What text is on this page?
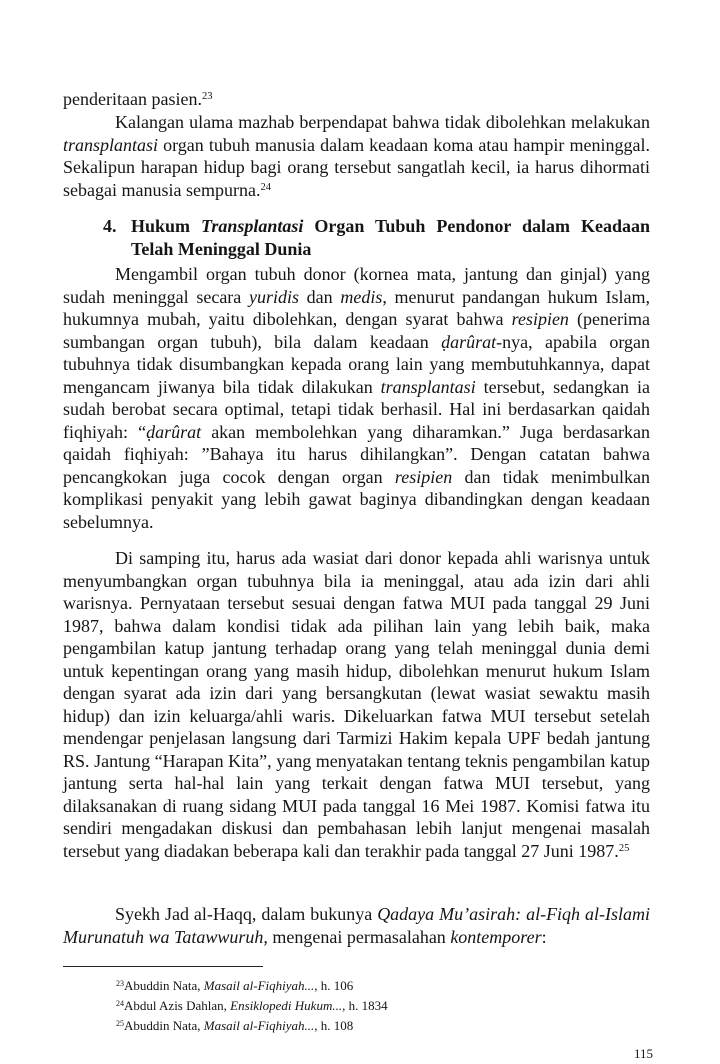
penderitaan pasien.$^{23}$

Kalangan ulama mazhab berpendapat bahwa tidak dibolehkan melakukan transplantasi organ tubuh manusia dalam keadaan koma atau hampir meninggal. Sekalipun harapan hidup bagi orang tersebut sangatlah kecil, ia harus dihormati sebagai manusia sempurna.$^{24}$

4. Hukum Transplantasi Organ Tubuh Pendonor dalam Keadaan Telah Meninggal Dunia

Mengambil organ tubuh donor (kornea mata, jantung dan ginjal) yang sudah meninggal secara yuridis dan medis, menurut pandangan hukum Islam, hukumnya mubah, yaitu dibolehkan, dengan syarat bahwa resipien (penerima sumbangan organ tubuh), bila dalam keadaan ḍarûrat-nya, apabila organ tubuhnya tidak disumbangkan kepada orang lain yang membutuhkannya, dapat mengancam jiwanya bila tidak dilakukan transplantasi tersebut, sedangkan ia sudah berobat secara optimal, tetapi tidak berhasil. Hal ini berdasarkan qaidah fiqhiyah: “ḍarûrat akan membolehkan yang diharamkan.” Juga berdasarkan qaidah fiqhiyah: ”Bahaya itu harus dihilangkan”. Dengan catatan bahwa pencangkokan juga cocok dengan organ resipien dan tidak menimbulkan komplikasi penyakit yang lebih gawat baginya dibandingkan dengan keadaan sebelumnya.

Di samping itu, harus ada wasiat dari donor kepada ahli warisnya untuk menyumbangkan organ tubuhnya bila ia meninggal, atau ada izin dari ahli warisnya. Pernyataan tersebut sesuai dengan fatwa MUI pada tanggal 29 Juni 1987, bahwa dalam kondisi tidak ada pilihan lain yang lebih baik, maka pengambilan katup jantung terhadap orang yang telah meninggal dunia demi untuk kepentingan orang yang masih hidup, dibolehkan menurut hukum Islam dengan syarat ada izin dari yang bersangkutan (lewat wasiat sewaktu masih hidup) dan izin keluarga/ahli waris. Dikeluarkan fatwa MUI tersebut setelah mendengar penjelasan langsung dari Tarmizi Hakim kepala UPF bedah jantung RS. Jantung “Harapan Kita”, yang menyatakan tentang teknis pengambilan katup jantung serta hal-hal lain yang terkait dengan fatwa MUI tersebut, yang dilaksanakan di ruang sidang MUI pada tanggal 16 Mei 1987. Komisi fatwa itu sendiri mengadakan diskusi dan pembahasan lebih lanjut mengenai masalah tersebut yang diadakan beberapa kali dan terakhir pada tanggal 27 Juni 1987.25

Syekh Jad al-Haqq, dalam bukunya Qadaya Mu’asirah: al-Fiqh al-Islami Murunatuh wa Tatawwuruh, mengenai permasalahan kontemporer:

$^{23}$Abuddin Nata, Masail al-Fiqhiyah..., h. 106
$^{24}$Abdul Azis Dahlan, Ensiklopedi Hukum..., h. 1834
$^{25}$Abuddin Nata, Masail al-Fiqhiyah..., h. 108
115
